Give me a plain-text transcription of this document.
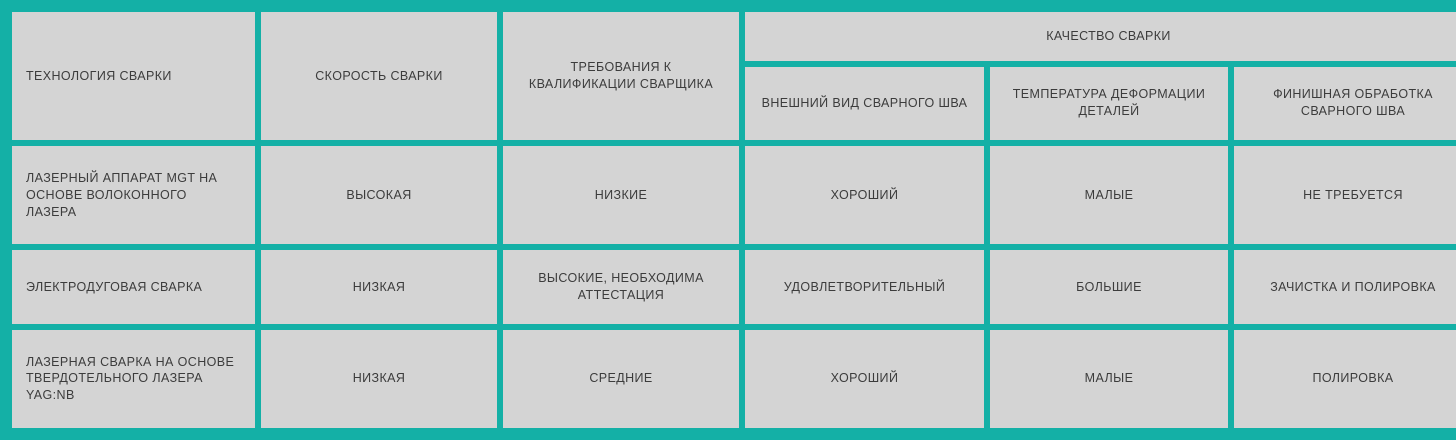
ТЕХНОЛОГИЯ СВАРКИ	СКОРОСТЬ СВАРКИ	ТРЕБОВАНИЯ К КВАЛИФИКАЦИИ СВАРЩИКА	КАЧЕСТВО СВАРКИ		
			ВНЕШНИЙ ВИД СВАРНОГО ШВА	ТЕМПЕРАТУРА ДЕФОРМАЦИИ ДЕТАЛЕЙ	ФИНИШНАЯ ОБРАБОТКА СВАРНОГО ШВА
ЛАЗЕРНЫЙ АППАРАТ MGT НА ОСНОВЕ ВОЛОКОННОГО ЛАЗЕРА	ВЫСОКАЯ	НИЗКИЕ	ХОРОШИЙ	МАЛЫЕ	НЕ ТРЕБУЕТСЯ
ЭЛЕКТРОДУГОВАЯ СВАРКА	НИЗКАЯ	ВЫСОКИЕ, НЕОБХОДИМА АТТЕСТАЦИЯ	УДОВЛЕТВОРИТЕЛЬНЫЙ	БОЛЬШИЕ	ЗАЧИСТКА И ПОЛИРОВКА
ЛАЗЕРНАЯ СВАРКА НА ОСНОВЕ ТВЕРДОТЕЛЬНОГО ЛАЗЕРА YAG:NB	НИЗКАЯ	СРЕДНИЕ	ХОРОШИЙ	МАЛЫЕ	ПОЛИРОВКА
